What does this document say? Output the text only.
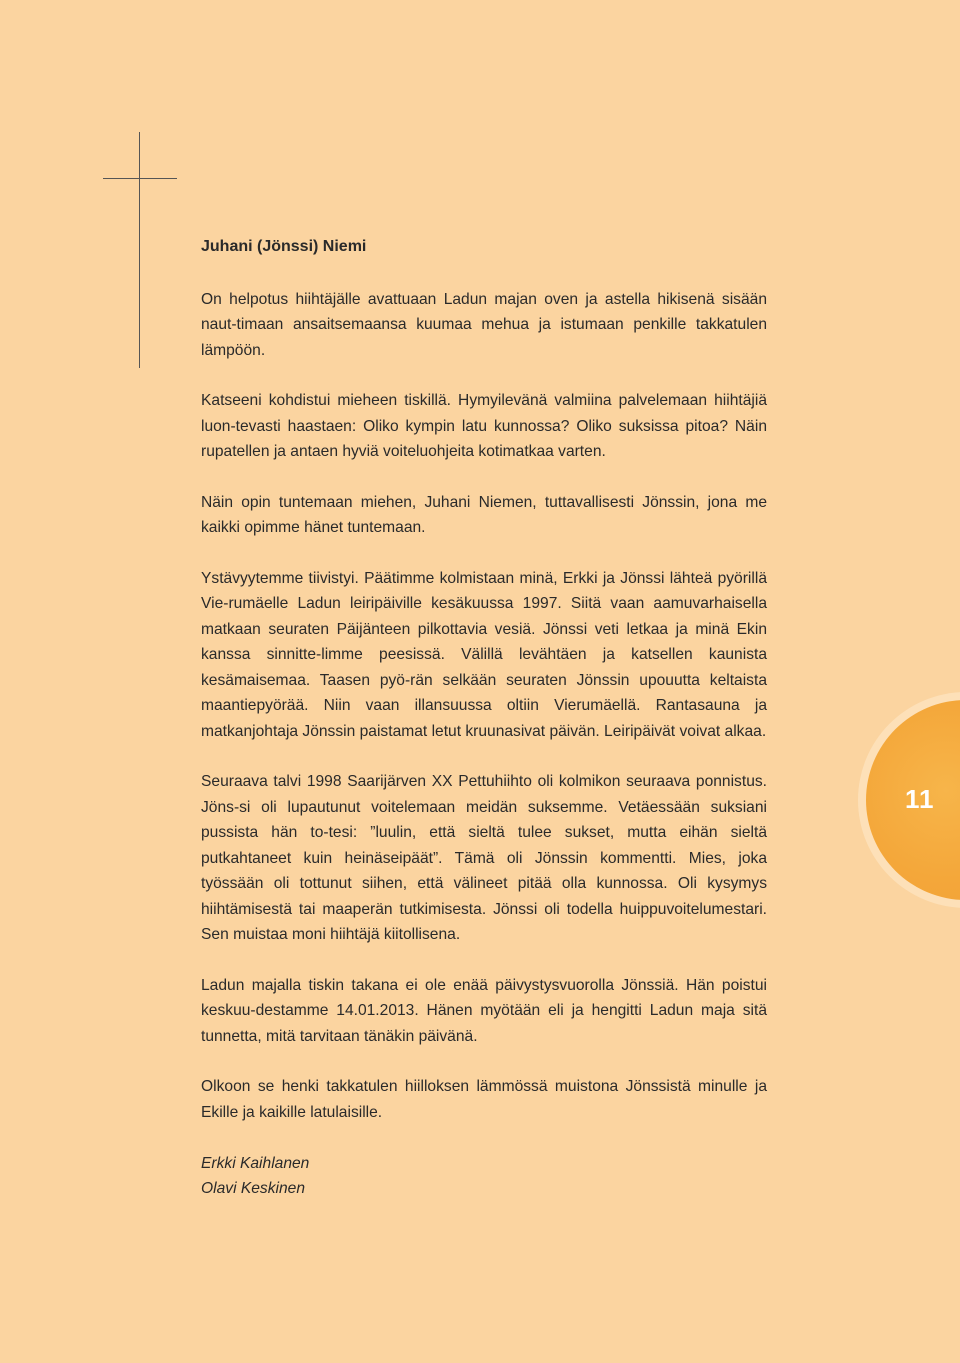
Juhani (Jönssi) Niemi

On helpotus hiihtäjälle avattuaan Ladun majan oven ja astella hikisenä sisään naut-timaan ansaitsemaansa kuumaa mehua ja istumaan penkille takkatulen lämpöön.

Katseeni kohdistui mieheen tiskillä. Hymyilevänä valmiina palvelemaan hiihtäjiä luon-tevasti haastaen: Oliko kympin latu kunnossa? Oliko suksissa pitoa? Näin rupatellen ja antaen hyviä voiteluohjeita kotimatkaa varten.

Näin opin tuntemaan miehen, Juhani Niemen, tuttavallisesti Jönssin, jona me kaikki opimme hänet tuntemaan.

Ystävyytemme tiivistyi. Päätimme kolmistaan minä, Erkki ja Jönssi lähteä pyörillä Vie-rumäelle Ladun leiripäiville kesäkuussa 1997. Siitä vaan aamuvarhaisella matkaan seuraten Päijänteen pilkottavia vesiä. Jönssi veti letkaa ja minä Ekin kanssa sinnitte-limme peesissä. Välillä levähtäen ja katsellen kaunista kesämaisemaa. Taasen pyö-rän selkään seuraten Jönssin upouutta keltaista maantiepyörää. Niin vaan illansuussa oltiin Vierumäellä. Rantasauna ja matkanjohtaja Jönssin paistamat letut kruunasivat päivän. Leiripäivät voivat alkaa.

Seuraava talvi 1998 Saarijärven XX Pettuhiihto oli kolmikon seuraava ponnistus. Jöns-si oli lupautunut voitelemaan meidän suksemme. Vetäessään suksiani pussista hän to-tesi: ”luulin, että sieltä tulee sukset, mutta eihän sieltä putkahtaneet kuin heinäseipäät”. Tämä oli Jönssin kommentti. Mies, joka työssään oli tottunut siihen, että välineet pitää olla kunnossa. Oli kysymys hiihtämisestä tai maaperän tutkimisesta. Jönssi oli todella huippuvoitelumestari. Sen muistaa moni hiihtäjä kiitollisena.

Ladun majalla tiskin takana ei ole enää päivystysvuorolla Jönssiä. Hän poistui keskuu-destamme 14.01.2013. Hänen myötään eli ja hengitti Ladun maja sitä tunnetta, mitä tarvitaan tänäkin päivänä.

Olkoon se henki takkatulen hiilloksen lämmössä muistona Jönssistä minulle ja Ekille ja kaikille latulaisille.

Erkki Kaihlanen

Olavi Keskinen

11
